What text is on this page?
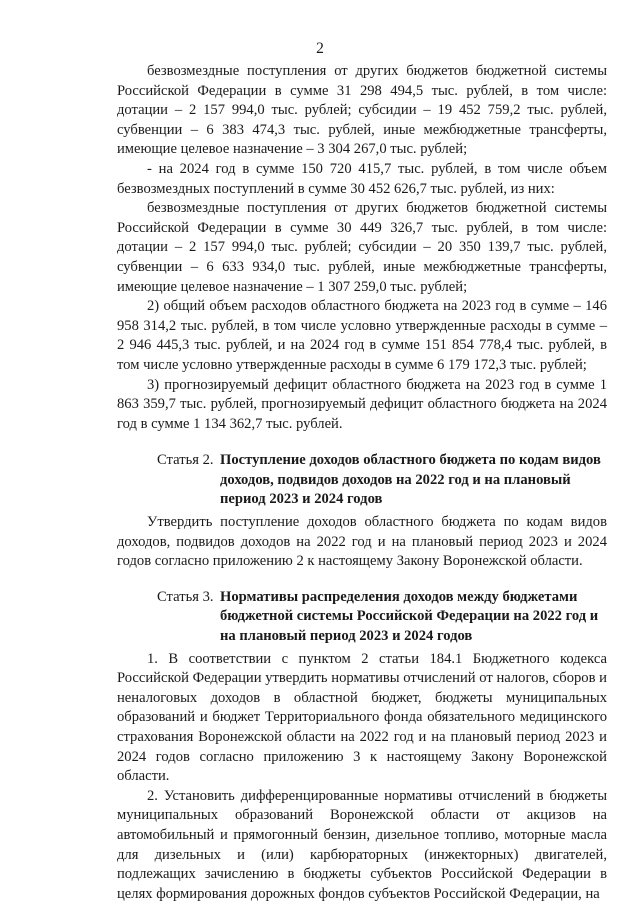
2

безвозмездные поступления от других бюджетов бюджетной системы Российской Федерации в сумме 31 298 494,5 тыс. рублей, в том числе: дотации – 2 157 994,0 тыс. рублей; субсидии – 19 452 759,2 тыс. рублей, субвенции – 6 383 474,3 тыс. рублей, иные межбюджетные трансферты, имеющие целевое назначение – 3 304 267,0 тыс. рублей;

- на 2024 год в сумме 150 720 415,7 тыс. рублей, в том числе объем безвозмездных поступлений в сумме 30 452 626,7 тыс. рублей, из них:

безвозмездные поступления от других бюджетов бюджетной системы Российской Федерации в сумме 30 449 326,7 тыс. рублей, в том числе: дотации – 2 157 994,0 тыс. рублей; субсидии – 20 350 139,7 тыс. рублей, субвенции – 6 633 934,0 тыс. рублей, иные межбюджетные трансферты, имеющие целевое назначение – 1 307 259,0 тыс. рублей;

2) общий объем расходов областного бюджета на 2023 год в сумме – 146 958 314,2 тыс. рублей, в том числе условно утвержденные расходы в сумме – 2 946 445,3 тыс. рублей, и на 2024 год в сумме 151 854 778,4 тыс. рублей, в том числе условно утвержденные расходы в сумме 6 179 172,3 тыс. рублей;

3) прогнозируемый дефицит областного бюджета на 2023 год в сумме 1 863 359,7 тыс. рублей, прогнозируемый дефицит областного бюджета на 2024 год в сумме 1 134 362,7 тыс. рублей.

Статья 2. Поступление доходов областного бюджета по кодам видов доходов, подвидов доходов на 2022 год и на плановый период 2023 и 2024 годов

Утвердить поступление доходов областного бюджета по кодам видов доходов, подвидов доходов на 2022 год и на плановый период 2023 и 2024 годов согласно приложению 2 к настоящему Закону Воронежской области.

Статья 3. Нормативы распределения доходов между бюджетами бюджетной системы Российской Федерации на 2022 год и на плановый период 2023 и 2024 годов

1. В соответствии с пунктом 2 статьи 184.1 Бюджетного кодекса Российской Федерации утвердить нормативы отчислений от налогов, сборов и неналоговых доходов в областной бюджет, бюджеты муниципальных образований и бюджет Территориального фонда обязательного медицинского страхования Воронежской области на 2022 год и на плановый период 2023 и 2024 годов согласно приложению 3 к настоящему Закону Воронежской области.

2. Установить дифференцированные нормативы отчислений в бюджеты муниципальных образований Воронежской области от акцизов на автомобильный и прямогонный бензин, дизельное топливо, моторные масла для дизельных и (или) карбюраторных (инжекторных) двигателей, подлежащих зачислению в бюджеты субъектов Российской Федерации в целях формирования дорожных фондов субъектов Российской Федерации, на
